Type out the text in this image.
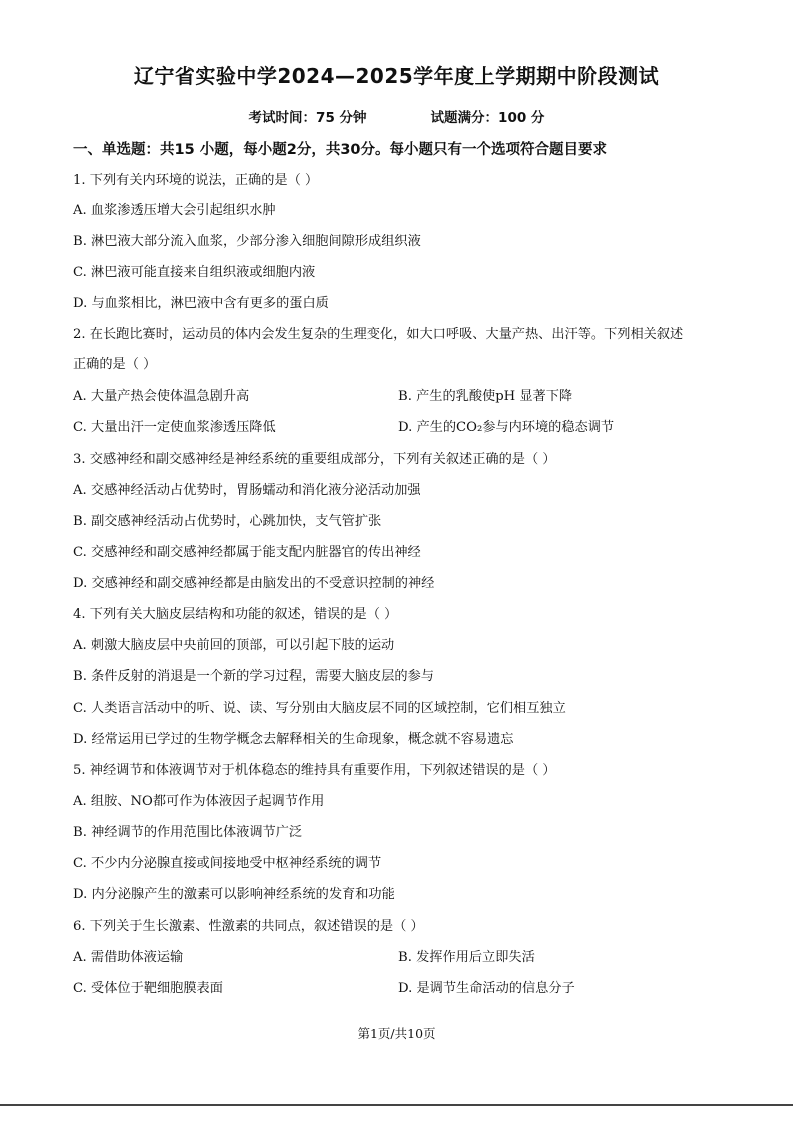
辽宁省实验中学2024—2025学年度上学期期中阶段测试
考试时间：75 分钟	试题满分：100 分
一、单选题：共15 小题，每小题2分，共30分。每小题只有一个选项符合题目要求
1. 下列有关内环境的说法，正确的是（ ）
A. 血浆渗透压增大会引起组织水肿
B. 淋巴液大部分流入血浆，少部分渗入细胞间隙形成组织液
C. 淋巴液可能直接来自组织液或细胞内液
D. 与血浆相比，淋巴液中含有更多的蛋白质
2. 在长跑比赛时，运动员的体内会发生复杂的生理变化，如大口呼吸、大量产热、出汗等。下列相关叙述
正确的是（ ）
A. 大量产热会使体温急剧升高	B. 产生的乳酸使pH 显著下降
C. 大量出汗一定使血浆渗透压降低	D. 产生的CO₂参与内环境的稳态调节
3. 交感神经和副交感神经是神经系统的重要组成部分，下列有关叙述正确的是（ ）
A. 交感神经活动占优势时，胃肠蠕动和消化液分泌活动加强
B. 副交感神经活动占优势时，心跳加快，支气管扩张
C. 交感神经和副交感神经都属于能支配内脏器官的传出神经
D. 交感神经和副交感神经都是由脑发出的不受意识控制的神经
4. 下列有关大脑皮层结构和功能的叙述，错误的是（ ）
A. 刺激大脑皮层中央前回的顶部，可以引起下肢的运动
B. 条件反射的消退是一个新的学习过程，需要大脑皮层的参与
C. 人类语言活动中的听、说、读、写分别由大脑皮层不同的区域控制，它们相互独立
D. 经常运用已学过的生物学概念去解释相关的生命现象，概念就不容易遗忘
5. 神经调节和体液调节对于机体稳态的维持具有重要作用，下列叙述错误的是（ ）
A. 组胺、NO都可作为体液因子起调节作用
B. 神经调节的作用范围比体液调节广泛
C. 不少内分泌腺直接或间接地受中枢神经系统的调节
D. 内分泌腺产生的激素可以影响神经系统的发育和功能
6. 下列关于生长激素、性激素的共同点，叙述错误的是（ ）
A. 需借助体液运输	B. 发挥作用后立即失活
C. 受体位于靶细胞膜表面	D. 是调节生命活动的信息分子
第1页/共10页
